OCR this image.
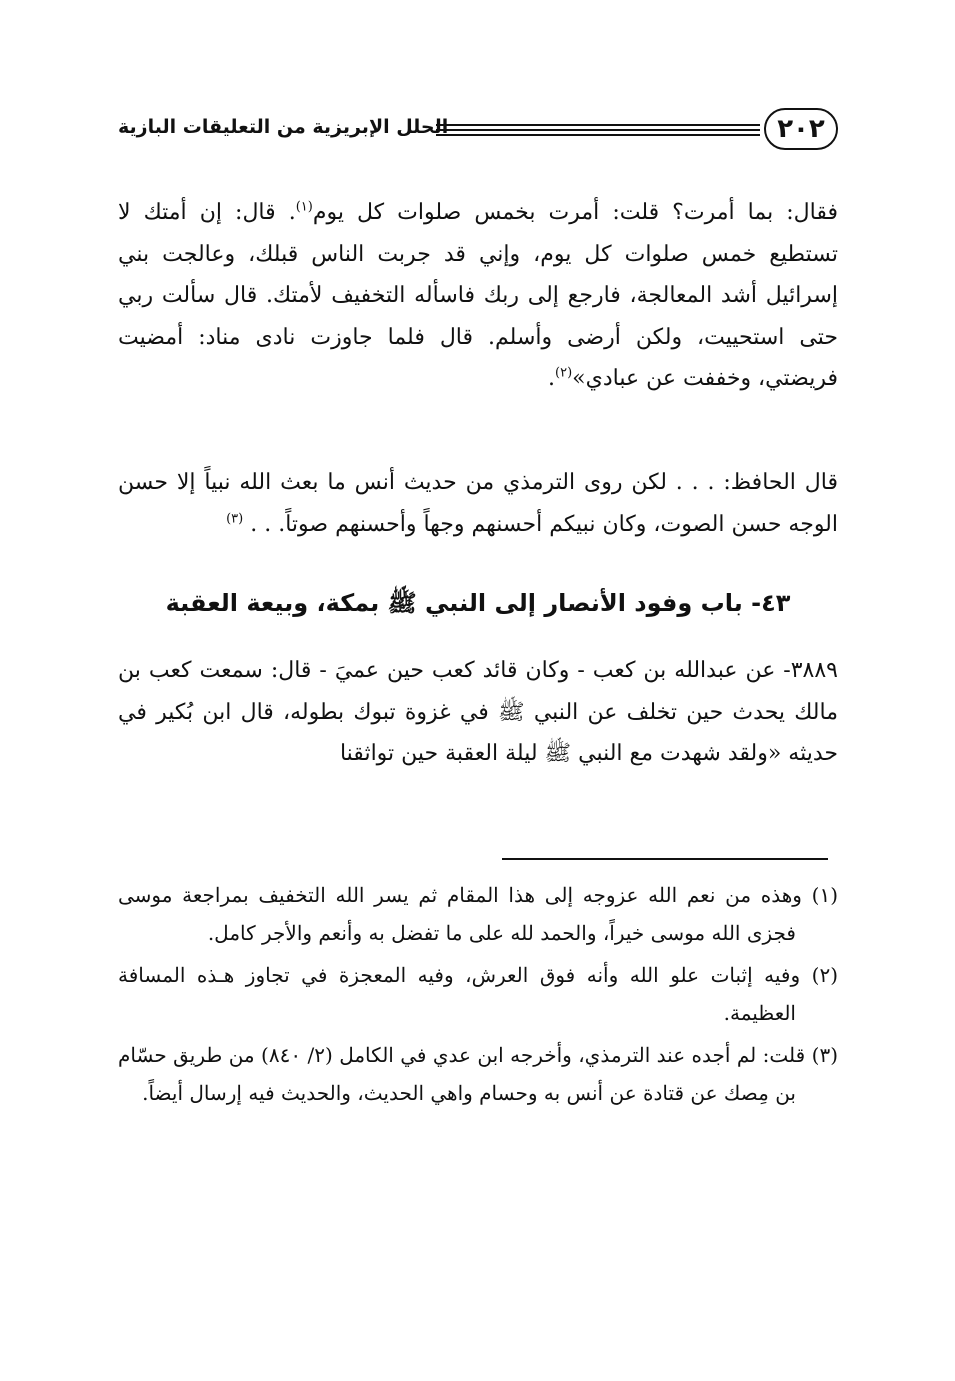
٢٠٢
الحلل الإبريزية من التعليقات البازية

فقال: بما أمرت؟ قلت: أمرت بخمس صلوات كل يوم$^{(١)}$. قال: إن أمتك لا تستطيع خمس صلوات كل يوم، وإني قد جربت الناس قبلك، وعالجت بني إسرائيل أشد المعالجة، فارجع إلى ربك فاسأله التخفيف لأمتك. قال سألت ربي حتى استحييت، ولكن أرضى وأسلم. قال فلما جاوزت نادى مناد: أمضيت فريضتي، وخففت عن عبادي»$^{(٢)}$.

قال الحافظ: . . . لكن روى الترمذي من حديث أنس ما بعث الله نبياً إلا حسن الوجه حسن الصوت، وكان نبيكم أحسنهم وجهاً وأحسنهم صوتاً. . . $^{(٣)}$

٤٣- باب وفود الأنصار إلى النبي ﷺ بمكة، وبيعة العقبة

٣٨٨٩- عن عبدالله بن كعب - وكان قائد كعب حين عميَ - قال: سمعت كعب بن مالك يحدث حين تخلف عن النبي ﷺ في غزوة تبوك بطوله، قال ابن بُكير في حديثه «ولقد شهدت مع النبي ﷺ ليلة العقبة حين تواثقنا

(١) وهذه من نعم الله عزوجه إلى هذا المقام ثم يسر الله التخفيف بمراجعة موسى فجزى الله موسى خيراً، والحمد لله على ما تفضل به وأنعم والأجر كامل.

(٢) وفيه إثبات علو الله وأنه فوق العرش، وفيه المعجزة في تجاوز هـذه المسافة العظيمة.

(٣) قلت: لم أجده عند الترمذي، وأخرجه ابن عدي في الكامل (٢/ ٨٤٠) من طريق حسّام بن مِصك عن قتادة عن أنس به وحسام واهي الحديث، والحديث فيه إرسال أيضاً.
